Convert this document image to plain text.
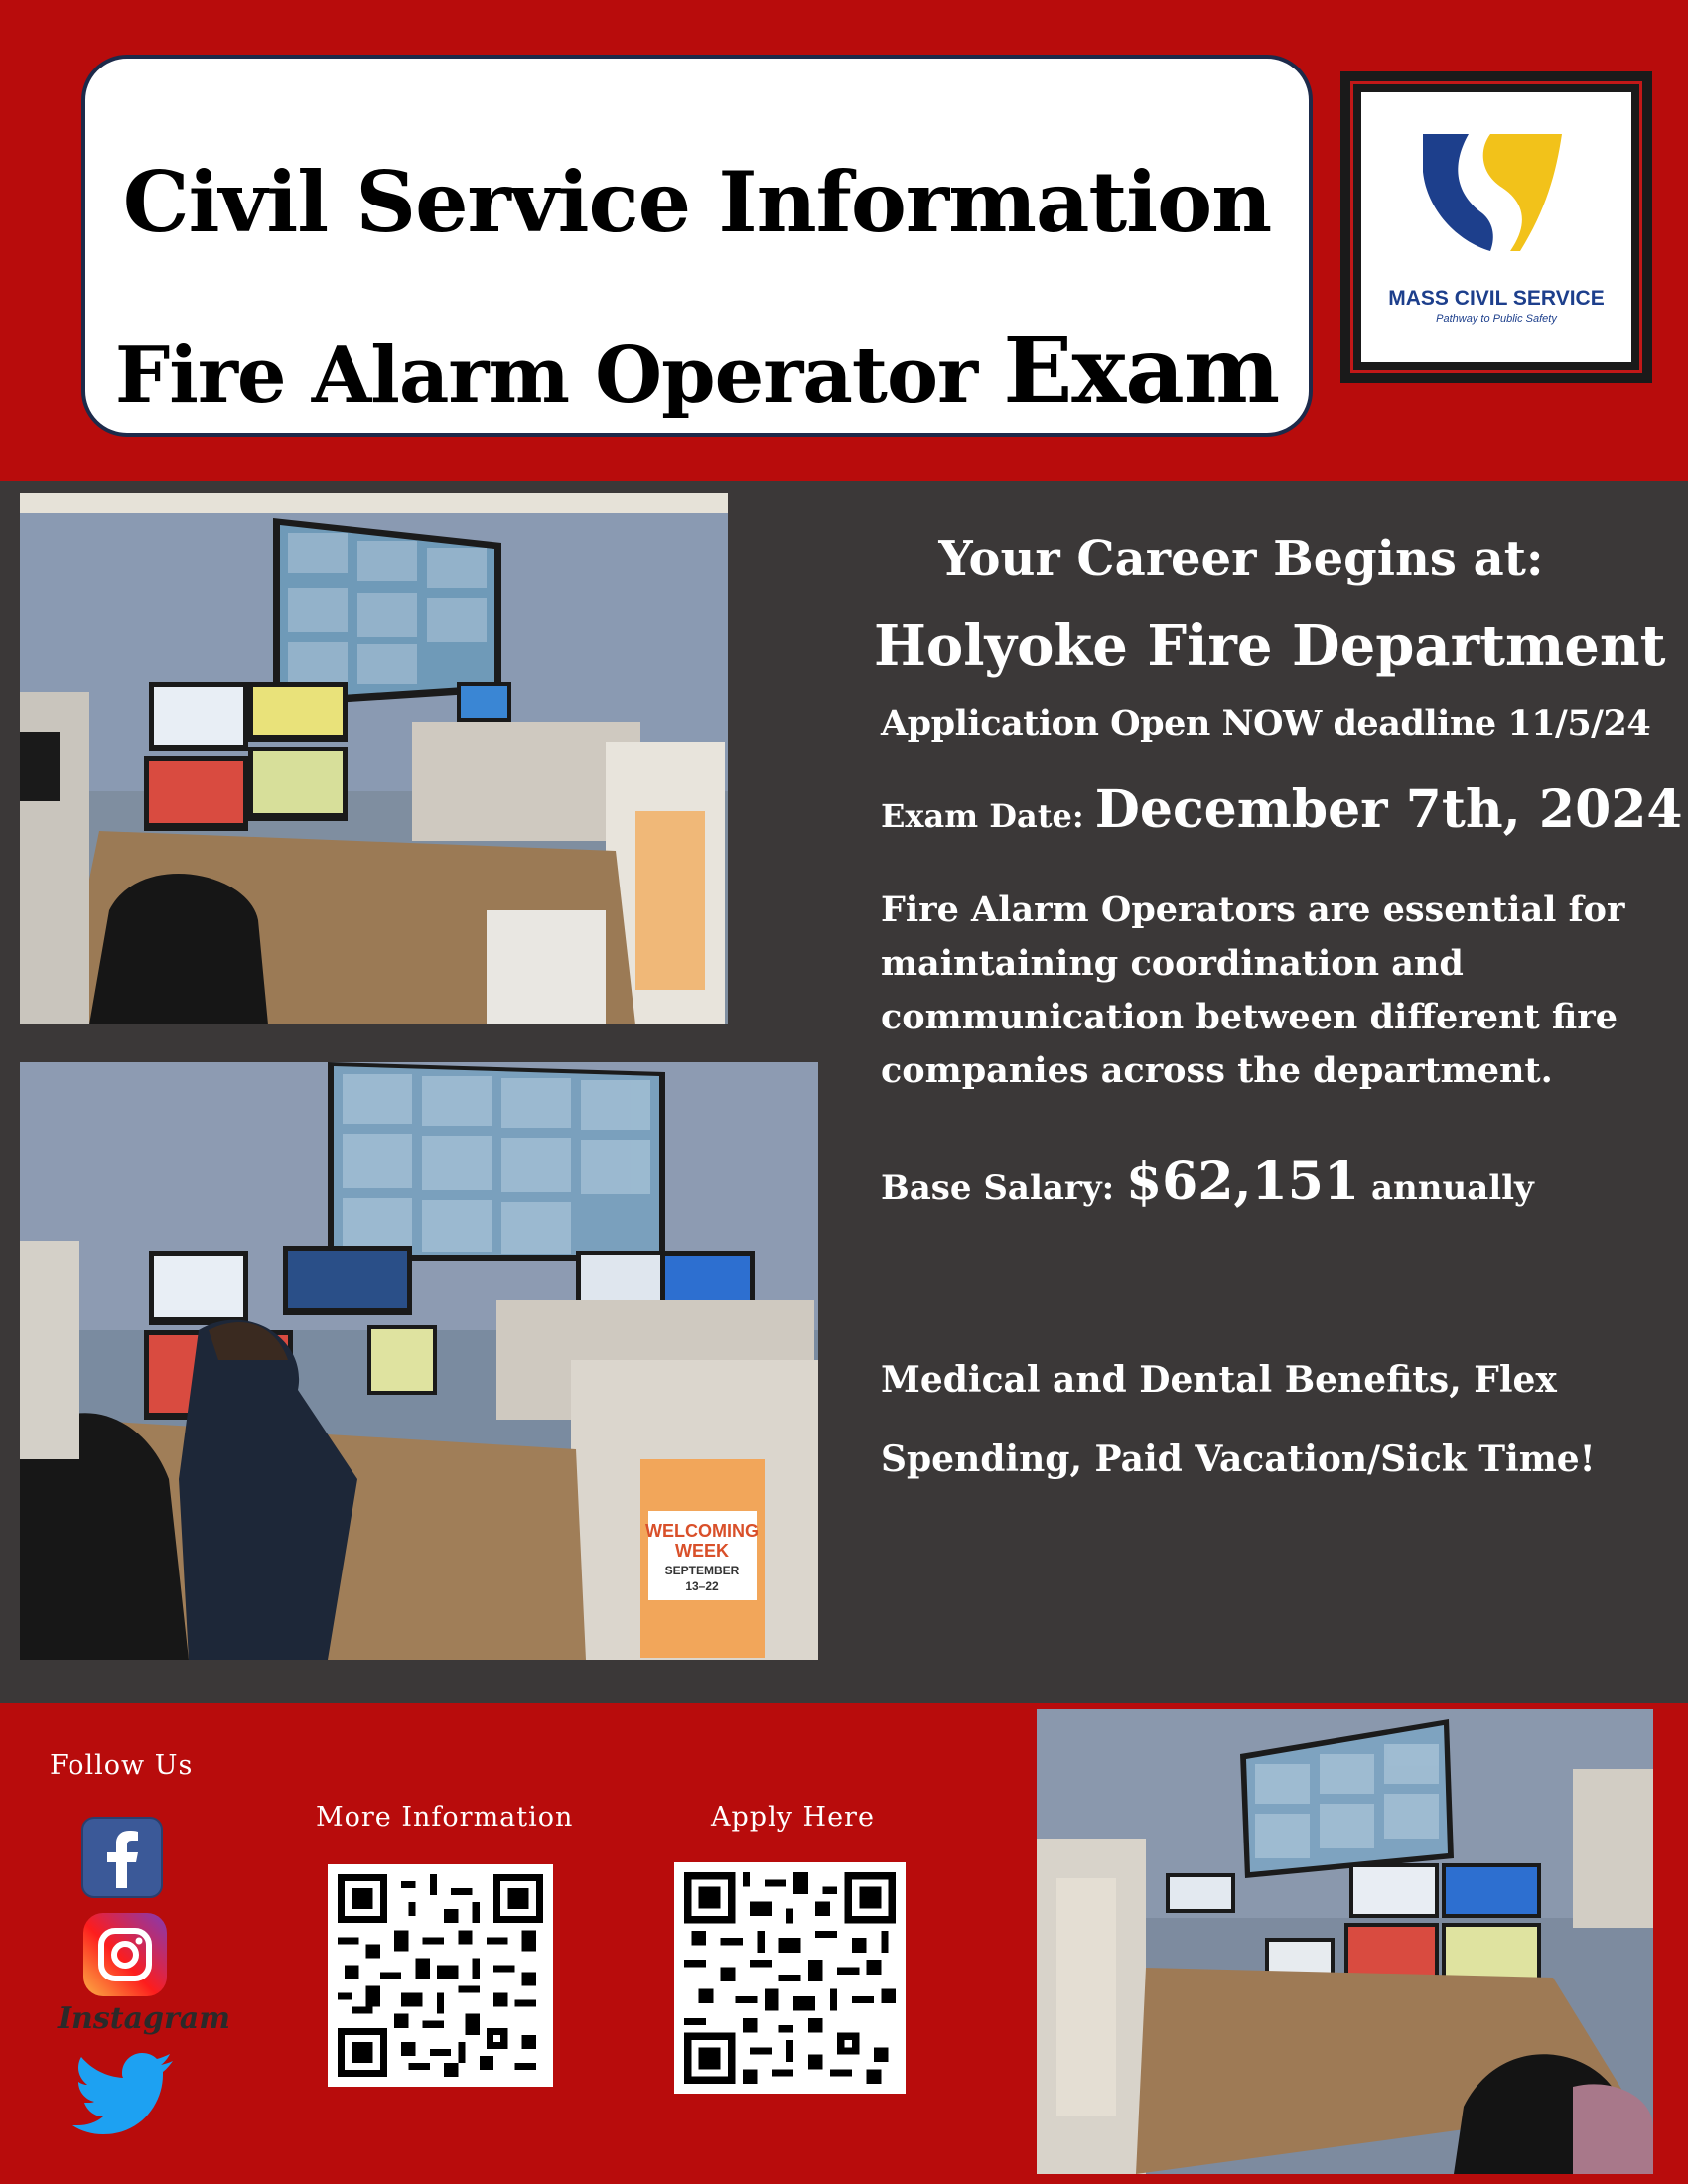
Civil Service Information
Fire Alarm Operator Exam
MASS CIVIL SERVICE
Pathway to Public Safety
WELCOMING
WEEK
SEPTEMBER
13–22
Your Career Begins at:
Holyoke Fire Department
Application Open NOW deadline 11/5/24
Exam Date: December 7th, 2024
Fire Alarm Operators are essential for maintaining coordination and communication between different fire companies across the department.
Base Salary: $62,151 annually
Medical and Dental Benefits, Flex Spending, Paid Vacation/Sick Time!
Follow Us
Instagram
More Information	Apply Here
